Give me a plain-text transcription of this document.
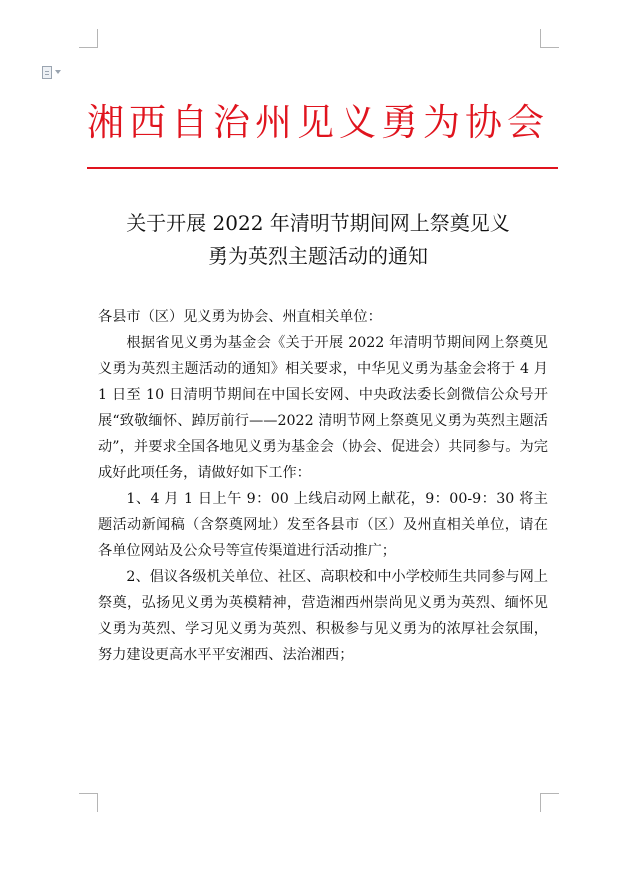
湘西自治州见义勇为协会
关于开展 2022 年清明节期间网上祭奠见义
勇为英烈主题活动的通知

各县市（区）见义勇为协会、州直相关单位：

根据省见义勇为基金会《关于开展 2022 年清明节期间网上祭奠见义勇为英烈主题活动的通知》相关要求，中华见义勇为基金会将于 4 月 1 日至 10 日清明节期间在中国长安网、中央政法委长剑微信公众号开展“致敬缅怀、踔厉前行——2022 清明节网上祭奠见义勇为英烈主题活动”，并要求全国各地见义勇为基金会（协会、促进会）共同参与。为完成好此项任务，请做好如下工作：

1、4 月 1 日上午 9：00 上线启动网上献花，9：00-9：30 将主题活动新闻稿（含祭奠网址）发至各县市（区）及州直相关单位，请在各单位网站及公众号等宣传渠道进行活动推广；

2、倡议各级机关单位、社区、高职校和中小学校师生共同参与网上祭奠，弘扬见义勇为英模精神，营造湘西州崇尚见义勇为英烈、缅怀见义勇为英烈、学习见义勇为英烈、积极参与见义勇为的浓厚社会氛围，努力建设更高水平平安湘西、法治湘西；
